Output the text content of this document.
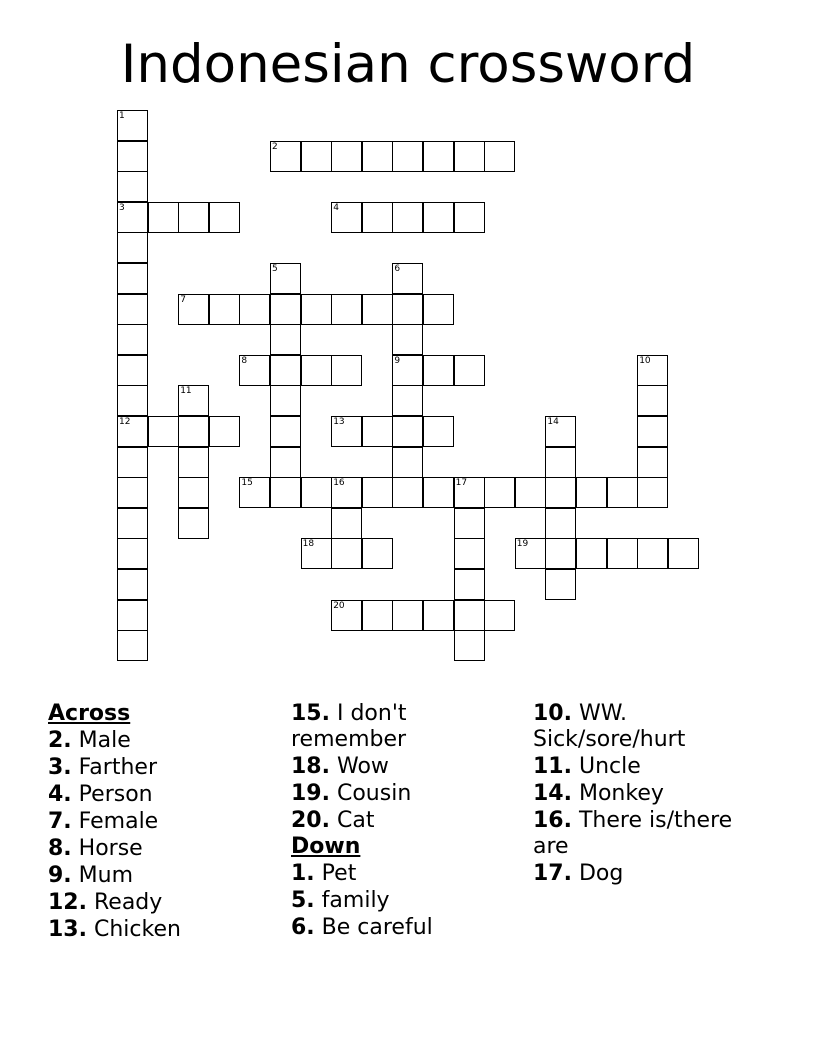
Indonesian crossword
1
3
12
2
4
5	6
9
7
8	10
11
13	14
15	16	17
18	19
20
Across
2. Male
3. Farther
4. Person
7. Female
8. Horse
9. Mum
12. Ready
13. Chicken
15. I don't remember
18. Wow
19. Cousin
20. Cat
Down
1. Pet
5. family
6. Be careful
10. WW. Sick/sore/hurt
11. Uncle
14. Monkey
16. There is/there are
17. Dog
